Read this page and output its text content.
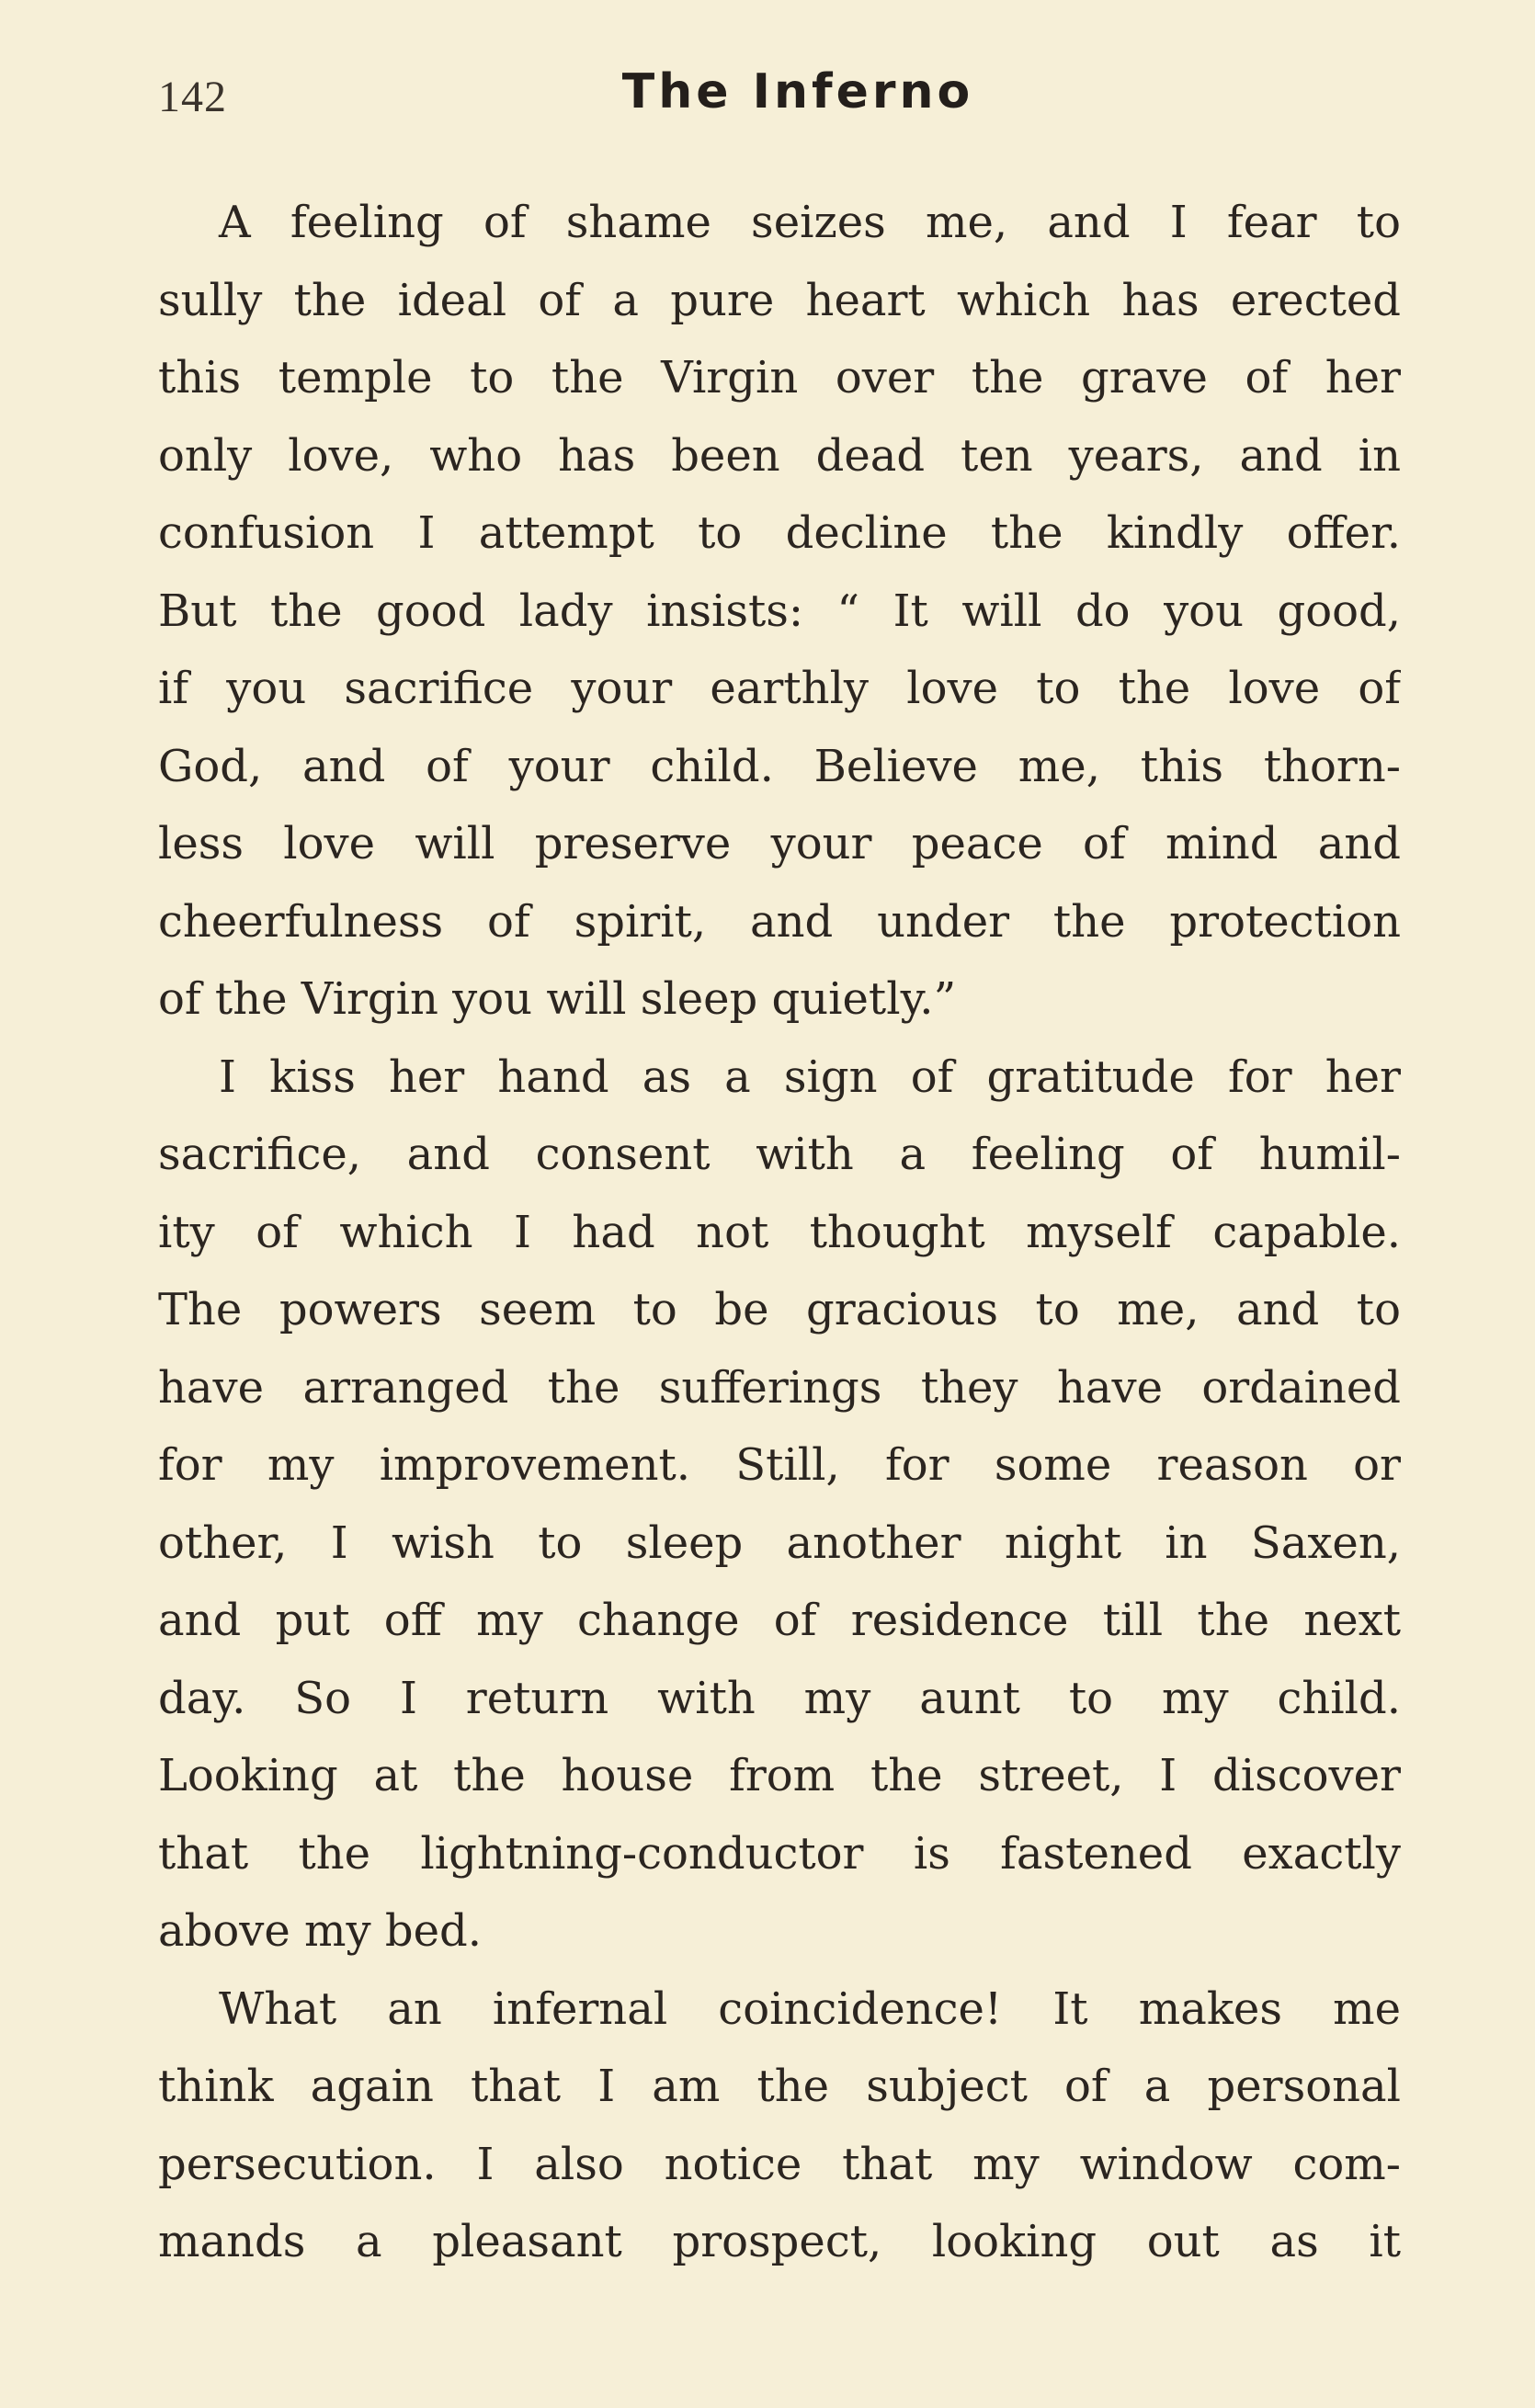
142	The Inferno
A feeling of shame seizes me, and I fear to
sully the ideal of a pure heart which has erected
this temple to the Virgin over the grave of her
only love, who has been dead ten years, and in
confusion I attempt to decline the kindly offer.
But the good lady insists: “ It will do you good,
if you sacrifice your earthly love to the love of
God, and of your child. Believe me, this thorn-
less love will preserve your peace of mind and
cheerfulness of spirit, and under the protection
of the Virgin you will sleep quietly.”
I kiss her hand as a sign of gratitude for her
sacrifice, and consent with a feeling of humil-
ity of which I had not thought myself capable.
The powers seem to be gracious to me, and to
have arranged the sufferings they have ordained
for my improvement. Still, for some reason or
other, I wish to sleep another night in Saxen,
and put off my change of residence till the next
day. So I return with my aunt to my child.
Looking at the house from the street, I discover
that the lightning-conductor is fastened exactly
above my bed.
What an infernal coincidence! It makes me
think again that I am the subject of a personal
persecution. I also notice that my window com-
mands a pleasant prospect, looking out as it
